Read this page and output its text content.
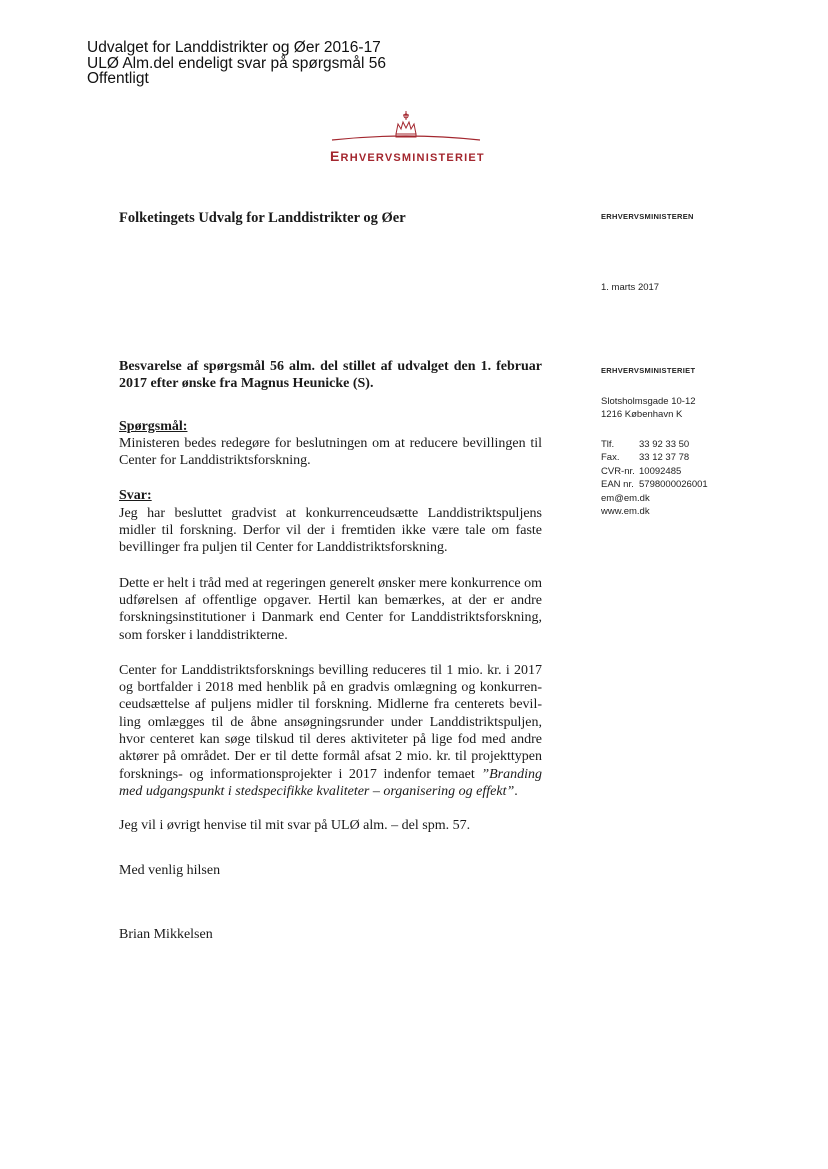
Udvalget for Landdistrikter og Øer 2016-17
ULØ Alm.del endeligt svar på spørgsmål 56
Offentligt
ERHVERVSMINISTERIET
Folketingets Udvalg for Landdistrikter og Øer	ERHVERVSMINISTEREN
1. marts 2017
ERHVERVSMINISTERIET
Slotsholmsgade 10-12
1216 København K
Tlf.	33 92 33 50
Fax.	33 12 37 78
CVR-nr. 10092485
EAN nr. 5798000026001
em@em.dk
www.em.dk

Besvarelse af spørgsmål 56 alm. del stillet af udvalget den 1. februar 2017 efter ønske fra Magnus Heunicke (S).

Spørgsmål:

Ministeren bedes redegøre for beslutningen om at reducere bevillingen til Center for Landdistriktsforskning.

Svar:

Jeg har besluttet gradvist at konkurrenceudsætte Landdistriktspuljens midler til forskning. Derfor vil der i fremtiden ikke være tale om faste bevillinger fra puljen til Center for Landdistriktsforskning.

Dette er helt i tråd med at regeringen generelt ønsker mere konkurrence om udførelsen af offentlige opgaver. Hertil kan bemærkes, at der er andre forskningsinstitutioner i Danmark end Center for Landdistriktsforskning, som forsker i landdistrikterne.

Center for Landdistriktsforsknings bevilling reduceres til 1 mio. kr. i 2017 og bortfalder i 2018 med henblik på en gradvis omlægning og konkurrenceudsættelse af puljens midler til forskning. Midlerne fra centerets bevilling omlægges til de åbne ansøgningsrunder under Landdistriktspuljen, hvor centeret kan søge tilskud til deres aktiviteter på lige fod med andre aktører på området. Der er til dette formål afsat 2 mio. kr. til projekttypen forsknings- og informationsprojekter i 2017 indenfor temaet ”Branding med udgangspunkt i stedspecifikke kvaliteter – organisering og effekt”.

Jeg vil i øvrigt henvise til mit svar på ULØ alm. – del spm. 57.

Med venlig hilsen

Brian Mikkelsen
